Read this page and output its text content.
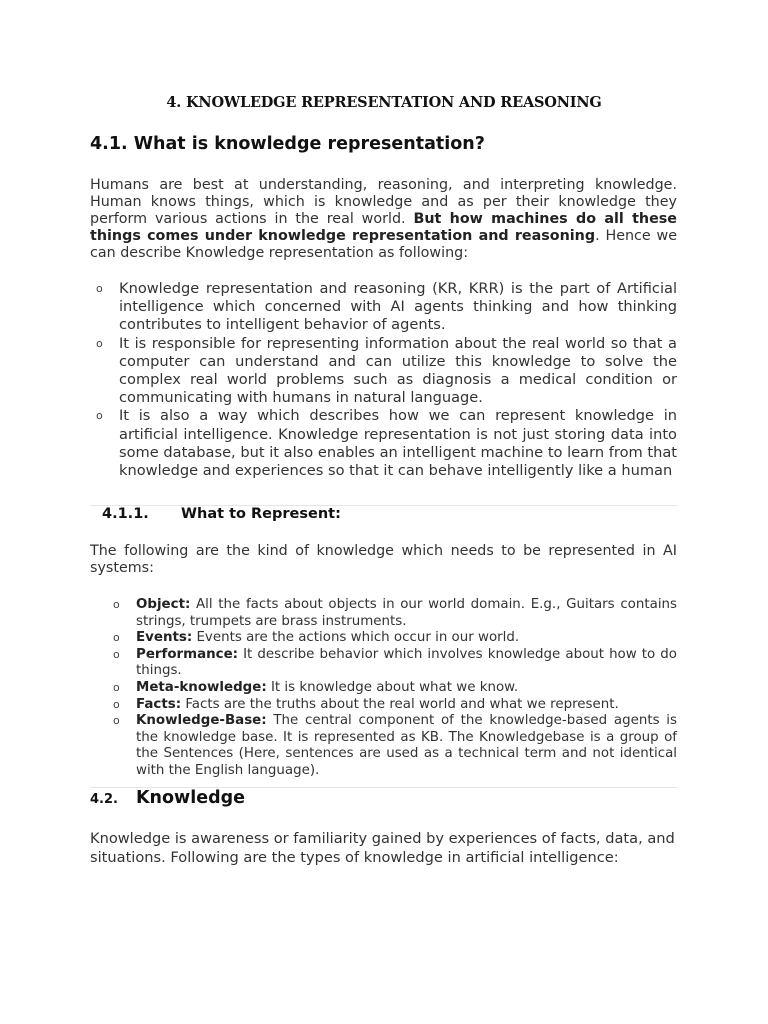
4. KNOWLEDGE REPRESENTATION AND REASONING
4.1. What is knowledge representation?
Humans are best at understanding, reasoning, and interpreting knowledge. Human knows things, which is knowledge and as per their knowledge they perform various actions in the real world. But how machines do all these things comes under knowledge representation and reasoning. Hence we can describe Knowledge representation as following:
o Knowledge representation and reasoning (KR, KRR) is the part of Artificial intelligence which concerned with AI agents thinking and how thinking contributes to intelligent behavior of agents.
o It is responsible for representing information about the real world so that a computer can understand and can utilize this knowledge to solve the complex real world problems such as diagnosis a medical condition or communicating with humans in natural language.
o It is also a way which describes how we can represent knowledge in artificial intelligence. Knowledge representation is not just storing data into some database, but it also enables an intelligent machine to learn from that knowledge and experiences so that it can behave intelligently like a human
4.1.1. What to Represent:
The following are the kind of knowledge which needs to be represented in AI systems:
o Object: All the facts about objects in our world domain. E.g., Guitars contains strings, trumpets are brass instruments.
o Events: Events are the actions which occur in our world.
o Performance: It describe behavior which involves knowledge about how to do things.
o Meta-knowledge: It is knowledge about what we know.
o Facts: Facts are the truths about the real world and what we represent.
o Knowledge-Base: The central component of the knowledge-based agents is the knowledge base. It is represented as KB. The Knowledgebase is a group of the Sentences (Here, sentences are used as a technical term and not identical with the English language).
4.2. Knowledge
Knowledge is awareness or familiarity gained by experiences of facts, data, and situations. Following are the types of knowledge in artificial intelligence:
